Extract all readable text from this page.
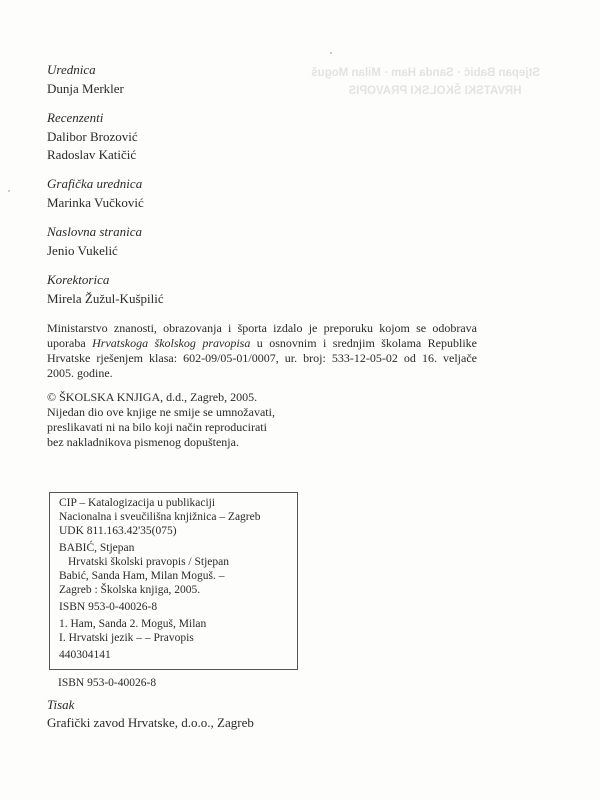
Stjepan Babić · Sanda Ham · Milan Moguš
HRVATSKI ŠKOLSKI PRAVOPIS
Urednica
Dunja Merkler
Recenzenti
Dalibor Brozović
Radoslav Katičić
Grafička urednica
Marinka Vučković
Naslovna stranica
Jenio Vukelić
Korektorica
Mirela Žužul-Kušpilić
Ministarstvo znanosti, obrazovanja i športa izdalo je preporuku kojom se odobrava uporaba Hrvatskoga školskog pravopisa u osnovnim i srednjim školama Republike Hrvatske rješenjem klasa: 602-09/05-01/0007, ur. broj: 533-12-05-02 od 16. veljače 2005. godine.
© ŠKOLSKA KNJIGA, d.d., Zagreb, 2005.
Nijedan dio ove knjige ne smije se umnožavati,
preslikavati ni na bilo koji način reproducirati
bez nakladnikova pismenog dopuštenja.
CIP – Katalogizacija u publikaciji
Nacionalna i sveučilišna knjižnica – Zagreb
UDK 811.163.42'35(075)
BABIĆ, Stjepan
Hrvatski školski pravopis / Stjepan
Babić, Sanda Ham, Milan Moguš. –
Zagreb : Školska knjiga, 2005.
ISBN 953-0-40026-8
1. Ham, Sanda 2. Moguš, Milan
I. Hrvatski jezik – – Pravopis
440304141
ISBN 953-0-40026-8
Tisak
Grafički zavod Hrvatske, d.o.o., Zagreb
